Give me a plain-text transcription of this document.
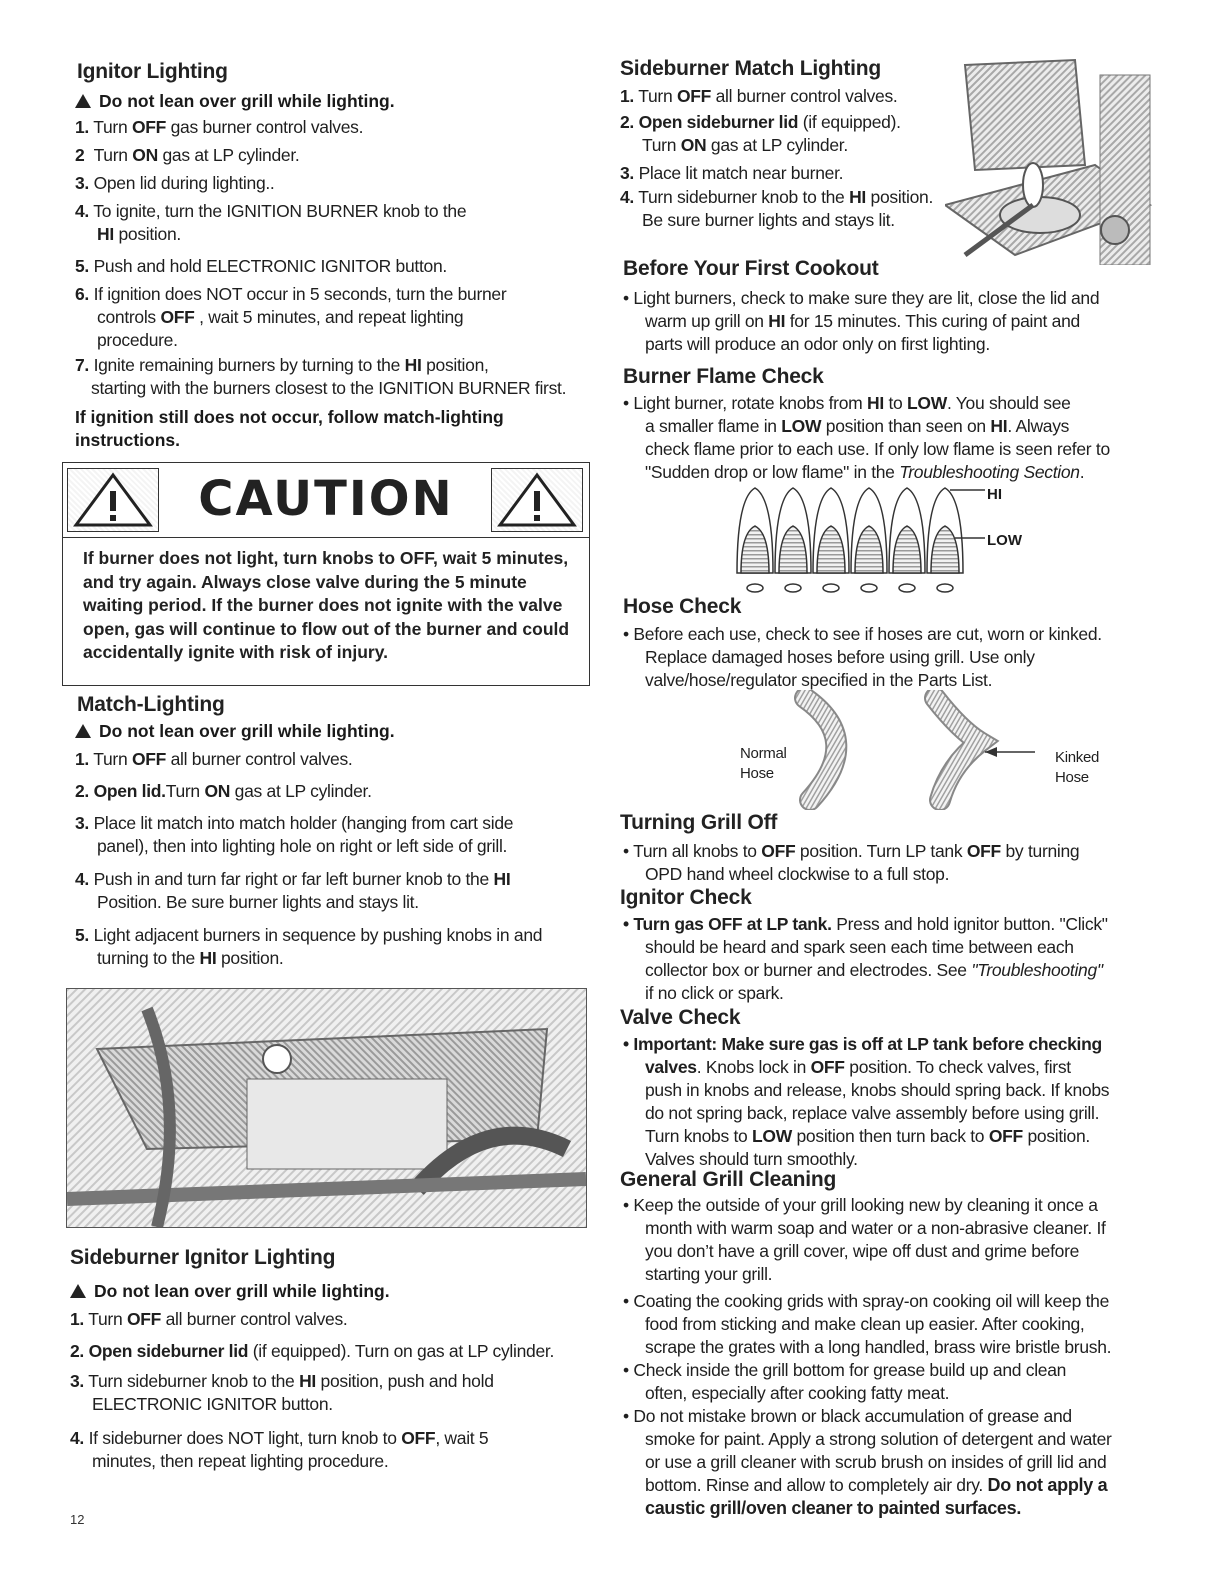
Ignitor Lighting
Do not lean over grill while lighting.
1. Turn OFF gas burner control valves.
2 Turn ON gas at LP cylinder.
3. Open lid during lighting..
4. To ignite, turn the IGNITION BURNER knob to the
HI position.
5. Push and hold ELECTRONIC IGNITOR button.
6. If ignition does NOT occur in 5 seconds, turn the burner
controls OFF , wait 5 minutes, and repeat lighting
procedure.
7. Ignite remaining burners by turning to the HI position,
starting with the burners closest to the IGNITION BURNER first.
If ignition still does not occur, follow match-lighting instructions.
CAUTION
If burner does not light, turn knobs to OFF, wait 5 minutes, and try again. Always close valve during the 5 minute waiting period. If the burner does not ignite with the valve open, gas will continue to flow out of the burner and could accidentally ignite with risk of injury.
Match-Lighting
Do not lean over grill while lighting.
1. Turn OFF all burner control valves.
2. Open lid.Turn ON gas at LP cylinder.
3. Place lit match into match holder (hanging from cart side
panel), then into lighting hole on right or left side of grill.
4. Push in and turn far right or far left burner knob to the HI
Position. Be sure burner lights and stays lit.
5. Light adjacent burners in sequence by pushing knobs in and
turning to the HI position.
Sideburner Ignitor Lighting
Do not lean over grill while lighting.
1. Turn OFF all burner control valves.
2. Open sideburner lid (if equipped). Turn on gas at LP cylinder.
3. Turn sideburner knob to the HI position, push and hold
ELECTRONIC IGNITOR button.
4. If sideburner does NOT light, turn knob to OFF, wait 5
minutes, then repeat lighting procedure.
12
Sideburner Match Lighting
1. Turn OFF all burner control valves.
2. Open sideburner lid (if equipped).
Turn ON gas at LP cylinder.
3. Place lit match near burner.
4. Turn sideburner knob to the HI position.
Be sure burner lights and stays lit.
Before Your First Cookout
• Light burners, check to make sure they are lit, close the lid and
warm up grill on HI for 15 minutes. This curing of paint and
parts will produce an odor only on first lighting.
Burner Flame Check
• Light burner, rotate knobs from HI to LOW. You should see
a smaller flame in LOW position than seen on HI. Always
check flame prior to each use. If only low flame is seen refer to
"Sudden drop or low flame" in the Troubleshooting Section.
HI
LOW
Hose Check
• Before each use, check to see if hoses are cut, worn or kinked.
Replace damaged hoses before using grill. Use only
valve/hose/regulator specified in the Parts List.
Normal
Hose
Kinked
Hose
Turning Grill Off
• Turn all knobs to OFF position. Turn LP tank OFF by turning
OPD hand wheel clockwise to a full stop.
Ignitor Check
• Turn gas OFF at LP tank. Press and hold ignitor button. "Click"
should be heard and spark seen each time between each
collector box or burner and electrodes. See "Troubleshooting"
if no click or spark.
Valve Check
• Important: Make sure gas is off at LP tank before checking
valves. Knobs lock in OFF position. To check valves, first
push in knobs and release, knobs should spring back. If knobs
do not spring back, replace valve assembly before using grill.
Turn knobs to LOW position then turn back to OFF position.
Valves should turn smoothly.
General Grill Cleaning
• Keep the outside of your grill looking new by cleaning it once a
month with warm soap and water or a non-abrasive cleaner. If
you don’t have a grill cover, wipe off dust and grime before
starting your grill.
• Coating the cooking grids with spray-on cooking oil will keep the
food from sticking and make clean up easier. After cooking,
scrape the grates with a long handled, brass wire bristle brush.
• Check inside the grill bottom for grease build up and clean
often, especially after cooking fatty meat.
• Do not mistake brown or black accumulation of grease and
smoke for paint. Apply a strong solution of detergent and water
or use a grill cleaner with scrub brush on insides of grill lid and
bottom. Rinse and allow to completely air dry. Do not apply a
caustic grill/oven cleaner to painted surfaces.
